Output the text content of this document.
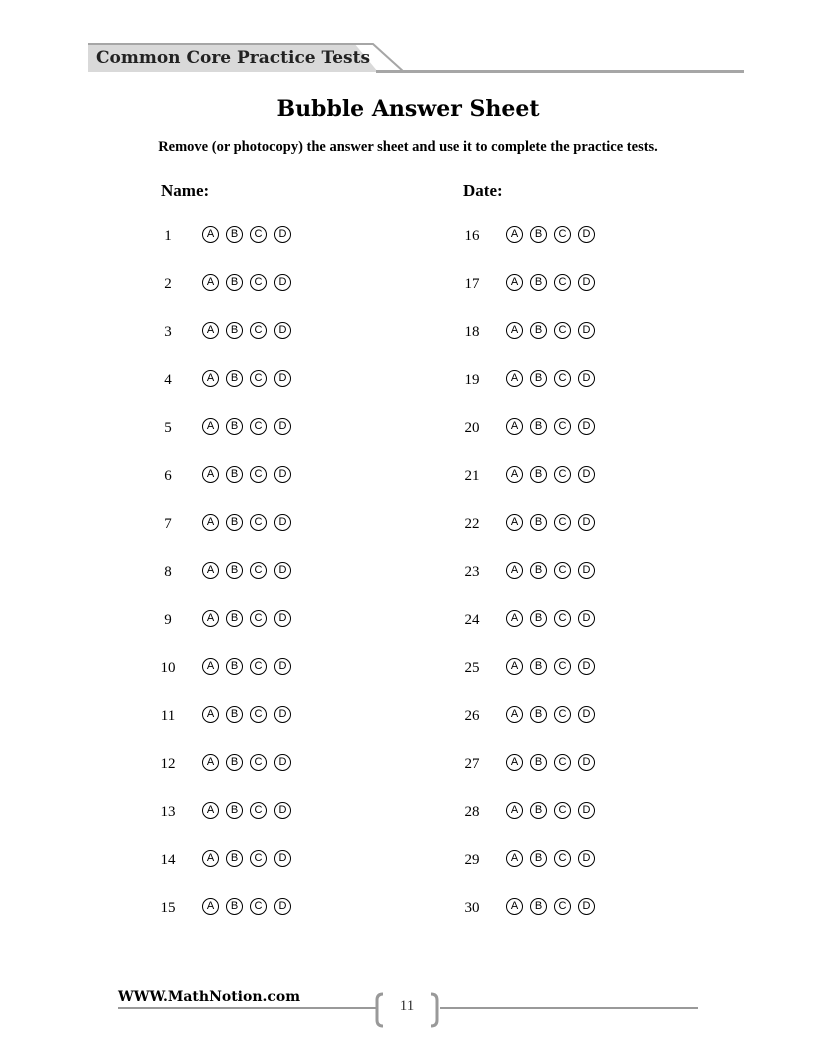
Common Core Practice Tests
Bubble Answer Sheet
Remove (or photocopy) the answer sheet and use it to complete the practice tests.
Name:	Date:
1	A	B	C	D
2	A	B	C	D
3	A	B	C	D
4	A	B	C	D
5	A	B	C	D
6	A	B	C	D
7	A	B	C	D
8	A	B	C	D
9	A	B	C	D
10	A	B	C	D
11	A	B	C	D
12	A	B	C	D
13	A	B	C	D
14	A	B	C	D
15	A	B	C	D
16	A	B	C	D
17	A	B	C	D
18	A	B	C	D
19	A	B	C	D
20	A	B	C	D
21	A	B	C	D
22	A	B	C	D
23	A	B	C	D
24	A	B	C	D
25	A	B	C	D
26	A	B	C	D
27	A	B	C	D
28	A	B	C	D
29	A	B	C	D
30	A	B	C	D
WWW.MathNotion.com
11
